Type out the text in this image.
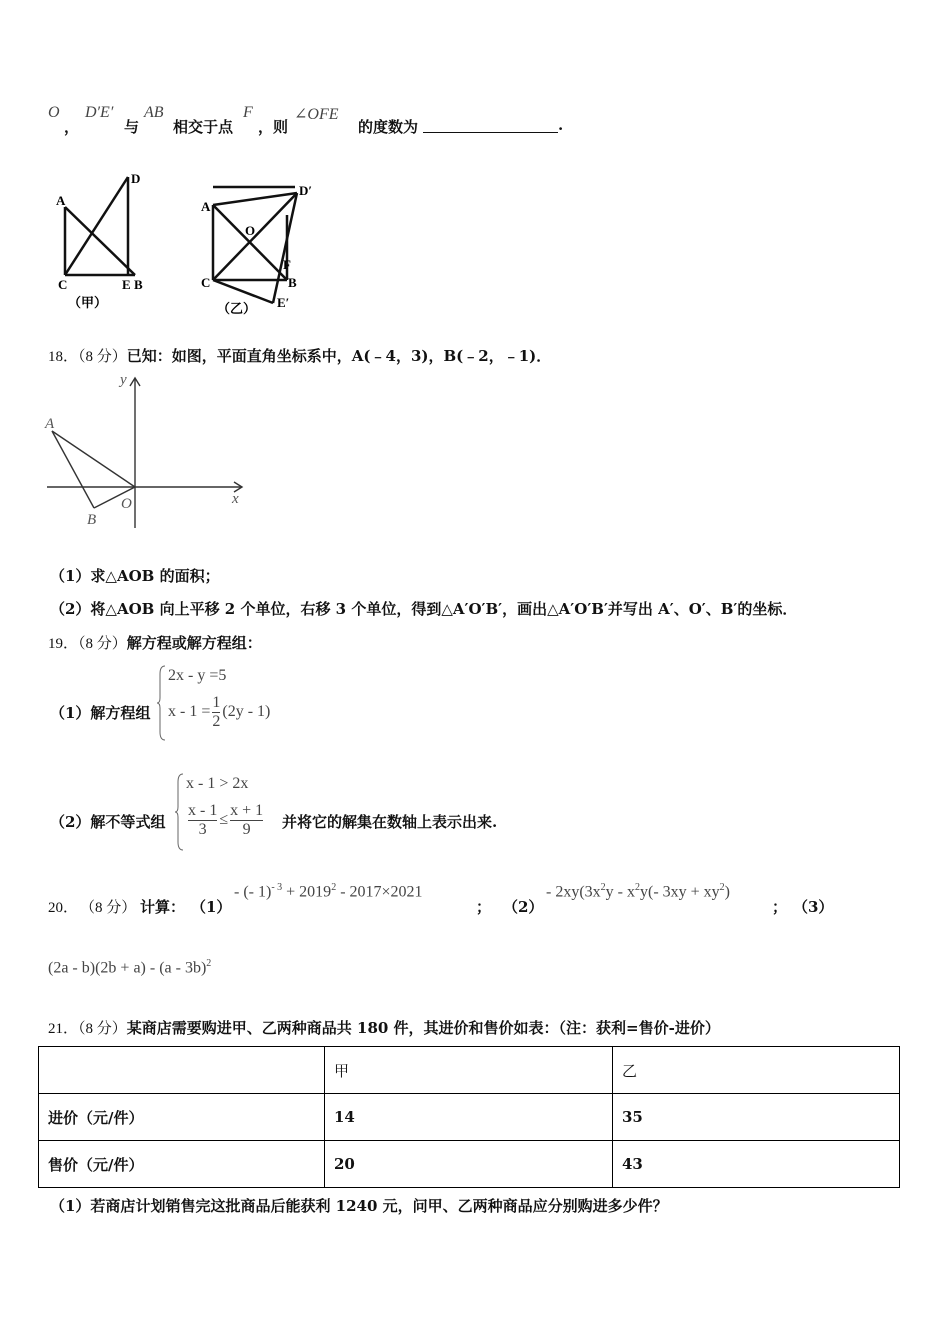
O
，
D′E′
与
AB
相交于点
F
，则
∠OFE
的度数为	.
A
D
C	E B
（甲）
A
D′
O
C
F
B
E′
（乙）
18．（8 分）已知：如图，平面直角坐标系中，A(﹣4，3)，B(﹣2，﹣1)．
y
A
O	x
B
（1）求△AOB 的面积；
（2）将△AOB 向上平移 2 个单位，右移 3 个单位，得到△A′O′B′，画出△A′O′B′并写出 A′、O′、B′的坐标．
19．（8 分）解方程或解方程组：
（1）解方程组
2x - y =5
$x - 1 = \frac{1}{2} (2y - 1)$
（2）解不等式组
x - 1 > 2x
$\frac{x - 1}{3} \le \frac{x + 1}{9}$ 并将它的解集在数轴上表示出来.
20． （8 分） 计算： （1）
- (- $1)^{- 3} + 2019^2 - 2017\times 2021$
； （2）
- $2xy(3x^2y - x^2y(-$ $3xy + xy^2$)
； （3）
(2a - b)(2b + a) - (a - 3b)$^2$
21．（8 分）某商店需要购进甲、乙两种商品共 180 件，其进价和售价如表：（注：获利=售价-进价）
	甲	乙
进价（元/件）	14	35
售价（元/件）	20	43
（1）若商店计划销售完这批商品后能获利 1240 元，问甲、乙两种商品应分别购进多少件？
